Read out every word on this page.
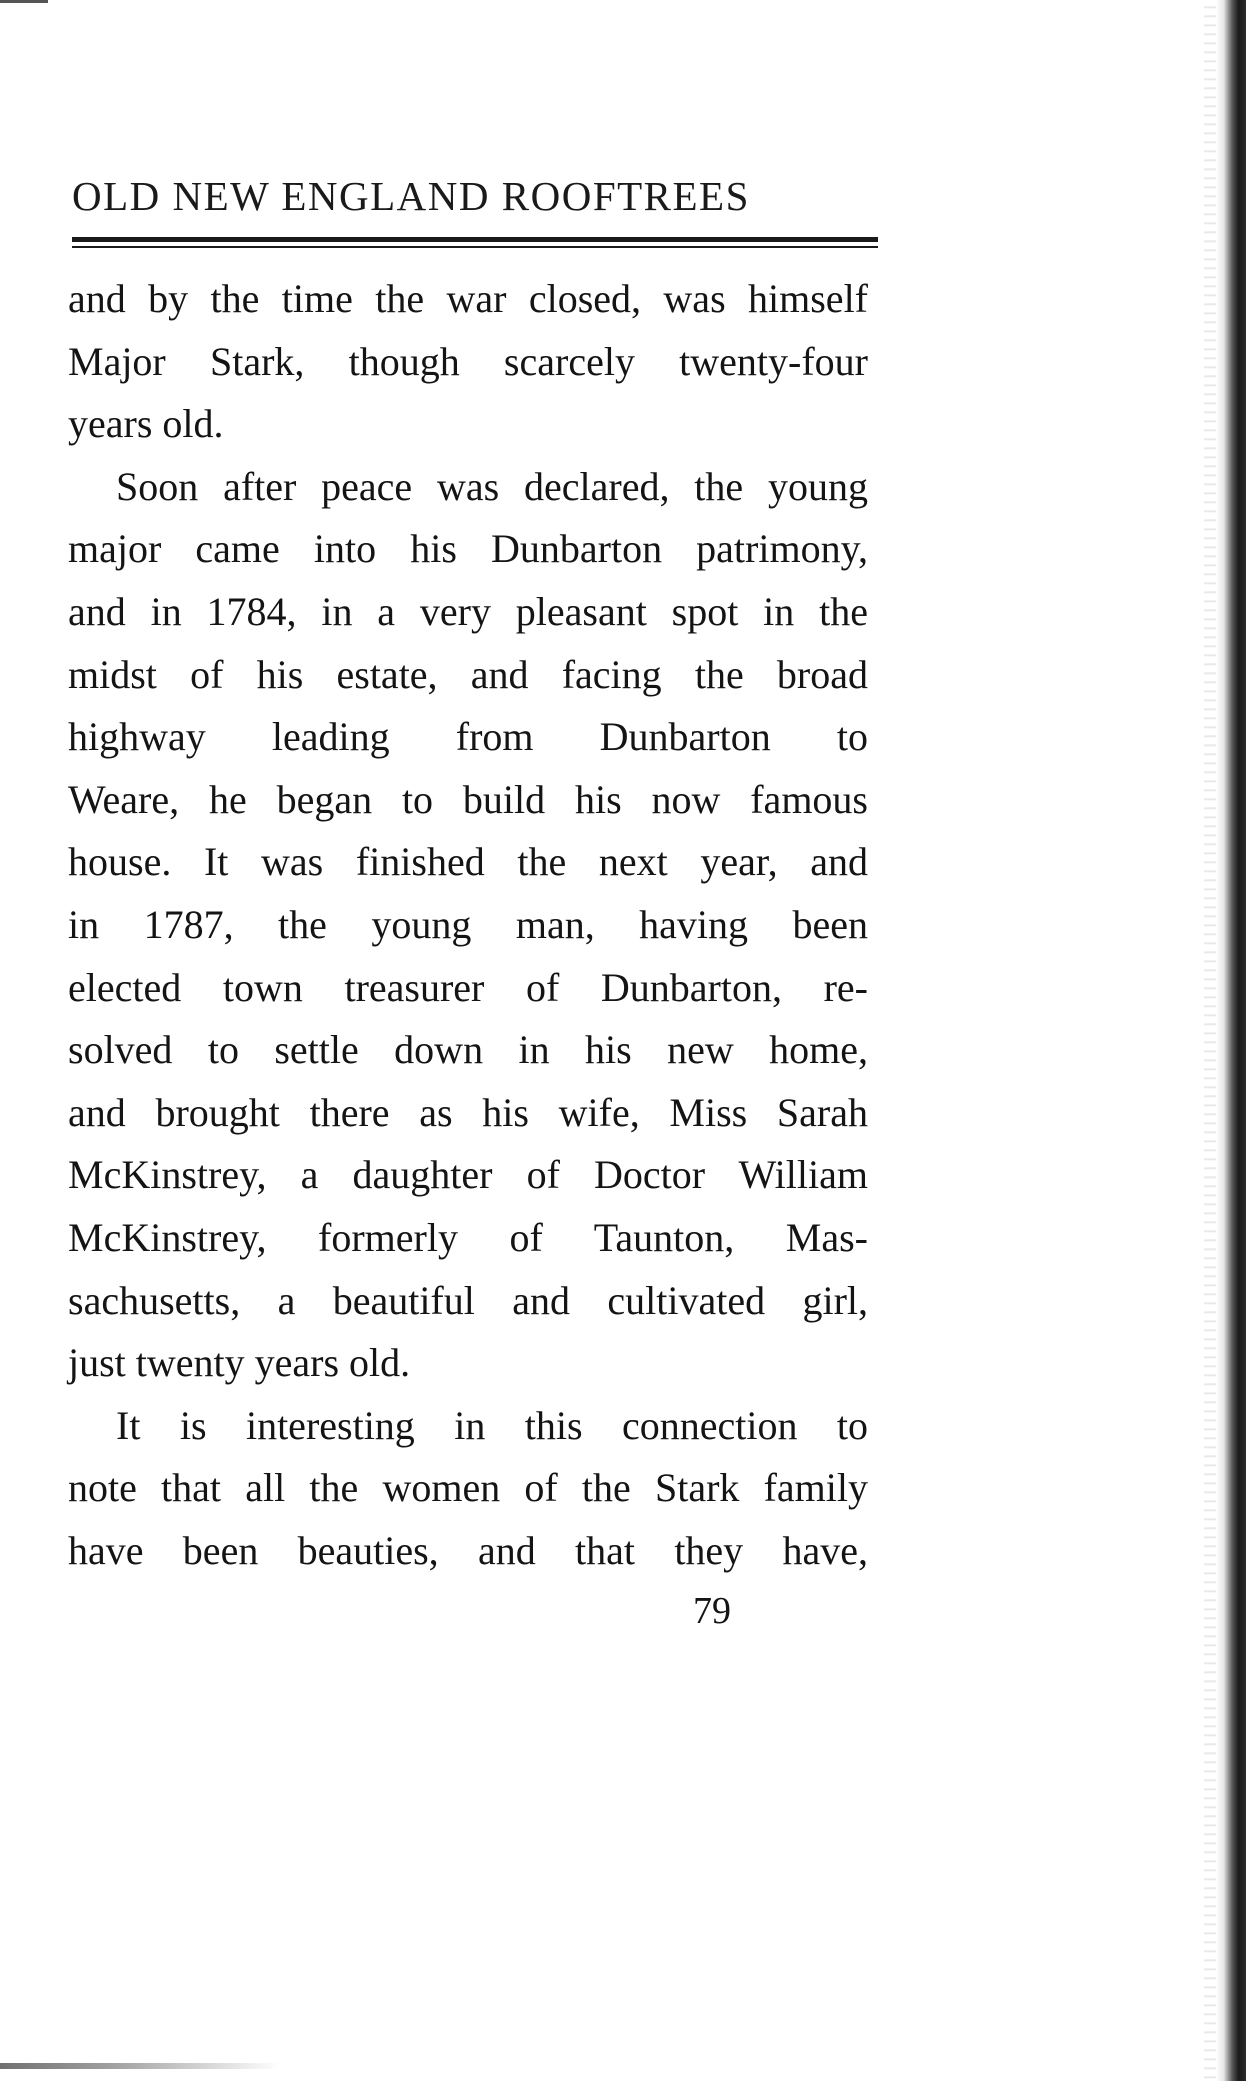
OLD NEW ENGLAND ROOFTREES
and by the time the war closed, was himself
Major Stark, though scarcely twenty-four
years old.
Soon after peace was declared, the young
major came into his Dunbarton patrimony,
and in 1784, in a very pleasant spot in the
midst of his estate, and facing the broad
highway leading from Dunbarton to
Weare, he began to build his now famous
house. It was finished the next year, and
in 1787, the young man, having been
elected town treasurer of Dunbarton, re-
solved to settle down in his new home,
and brought there as his wife, Miss Sarah
McKinstrey, a daughter of Doctor William
McKinstrey, formerly of Taunton, Mas-
sachusetts, a beautiful and cultivated girl,
just twenty years old.
It is interesting in this connection to
note that all the women of the Stark family
have been beauties, and that they have,
79
